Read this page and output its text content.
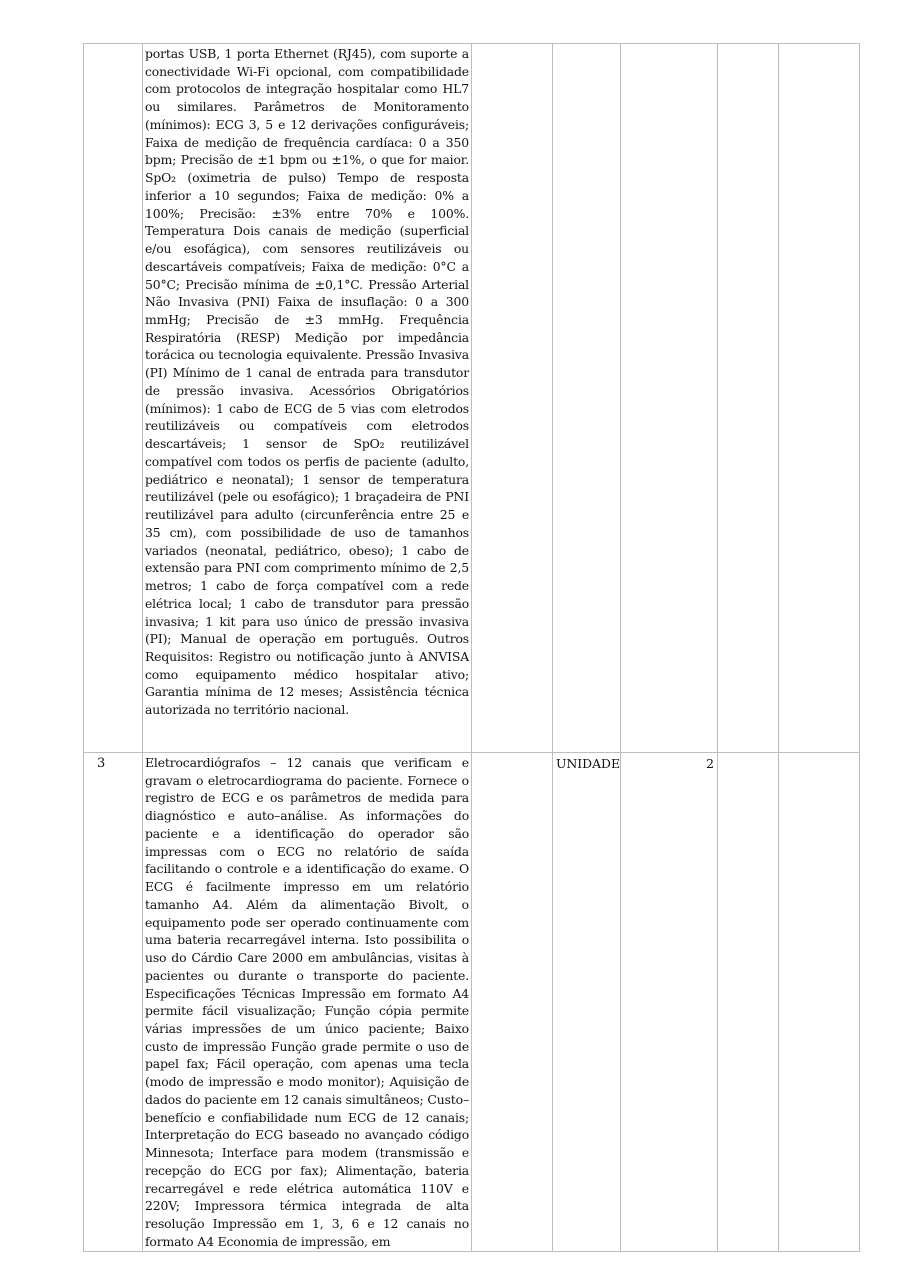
	portas USB, 1 porta Ethernet (RJ45), com suporte a conectividade Wi-Fi opcional, com compatibilidade com protocolos de integração hospitalar como HL7 ou similares. Parâmetros de Monitoramento (mínimos): ECG 3, 5 e 12 derivações configuráveis; Faixa de medição de frequência cardíaca: 0 a 350 bpm; Precisão de ±1 bpm ou ±1%, o que for maior. SpO₂ (oximetria de pulso) Tempo de resposta inferior a 10 segundos; Faixa de medição: 0% a 100%; Precisão: ±3% entre 70% e 100%. Temperatura Dois canais de medição (superficial e/ou esofágica), com sensores reutilizáveis ou descartáveis compatíveis; Faixa de medição: 0°C a 50°C; Precisão mínima de ±0,1°C. Pressão Arterial Não Invasiva (PNI) Faixa de insuflação: 0 a 300 mmHg; Precisão de ±3 mmHg. Frequência Respiratória (RESP) Medição por impedância torácica ou tecnologia equivalente. Pressão Invasiva (PI) Mínimo de 1 canal de entrada para transdutor de pressão invasiva. Acessórios Obrigatórios (mínimos): 1 cabo de ECG de 5 vias com eletrodos reutilizáveis ou compatíveis com eletrodos descartáveis; 1 sensor de SpO₂ reutilizável compatível com todos os perfis de paciente (adulto, pediátrico e neonatal); 1 sensor de temperatura reutilizável (pele ou esofágico); 1 braçadeira de PNI reutilizável para adulto (circunferência entre 25 e 35 cm), com possibilidade de uso de tamanhos variados (neonatal, pediátrico, obeso); 1 cabo de extensão para PNI com comprimento mínimo de 2,5 metros; 1 cabo de força compatível com a rede elétrica local; 1 cabo de transdutor para pressão invasiva; 1 kit para uso único de pressão invasiva (PI); Manual de operação em português. Outros Requisitos: Registro ou notificação junto à ANVISA como equipamento médico hospitalar ativo; Garantia mínima de 12 meses; Assistência técnica autorizada no território nacional.					

3	Eletrocardiógrafos – 12 canais que verificam e gravam o eletrocardiograma do paciente. Fornece o registro de ECG e os parâmetros de medida para diagnóstico e auto–análise. As informações do paciente e a identificação do operador são impressas com o ECG no relatório de saída facilitando o controle e a identificação do exame. O ECG é facilmente impresso em um relatório tamanho A4. Além da alimentação Bivolt, o equipamento pode ser operado continuamente com uma bateria recarregável interna. Isto possibilita o uso do Cárdio Care 2000 em ambulâncias, visitas à pacientes ou durante o transporte do paciente. Especificações Técnicas Impressão em formato A4 permite fácil visualização; Função cópia permite várias impressões de um único paciente; Baixo custo de impressão Função grade permite o uso de papel fax; Fácil operação, com apenas uma tecla (modo de impressão e modo monitor); Aquisição de dados do paciente em 12 canais simultâneos; Custo–benefício e confiabilidade num ECG de 12 canais; Interpretação do ECG baseado no avançado código Minnesota; Interface para modem (transmissão e recepção do ECG por fax); Alimentação, bateria recarregável e rede elétrica automática 110V e 220V; Impressora térmica integrada de alta resolução Impressão em 1, 3, 6 e 12 canais no formato A4 Economia de impressão, em		UNIDADE	2		
